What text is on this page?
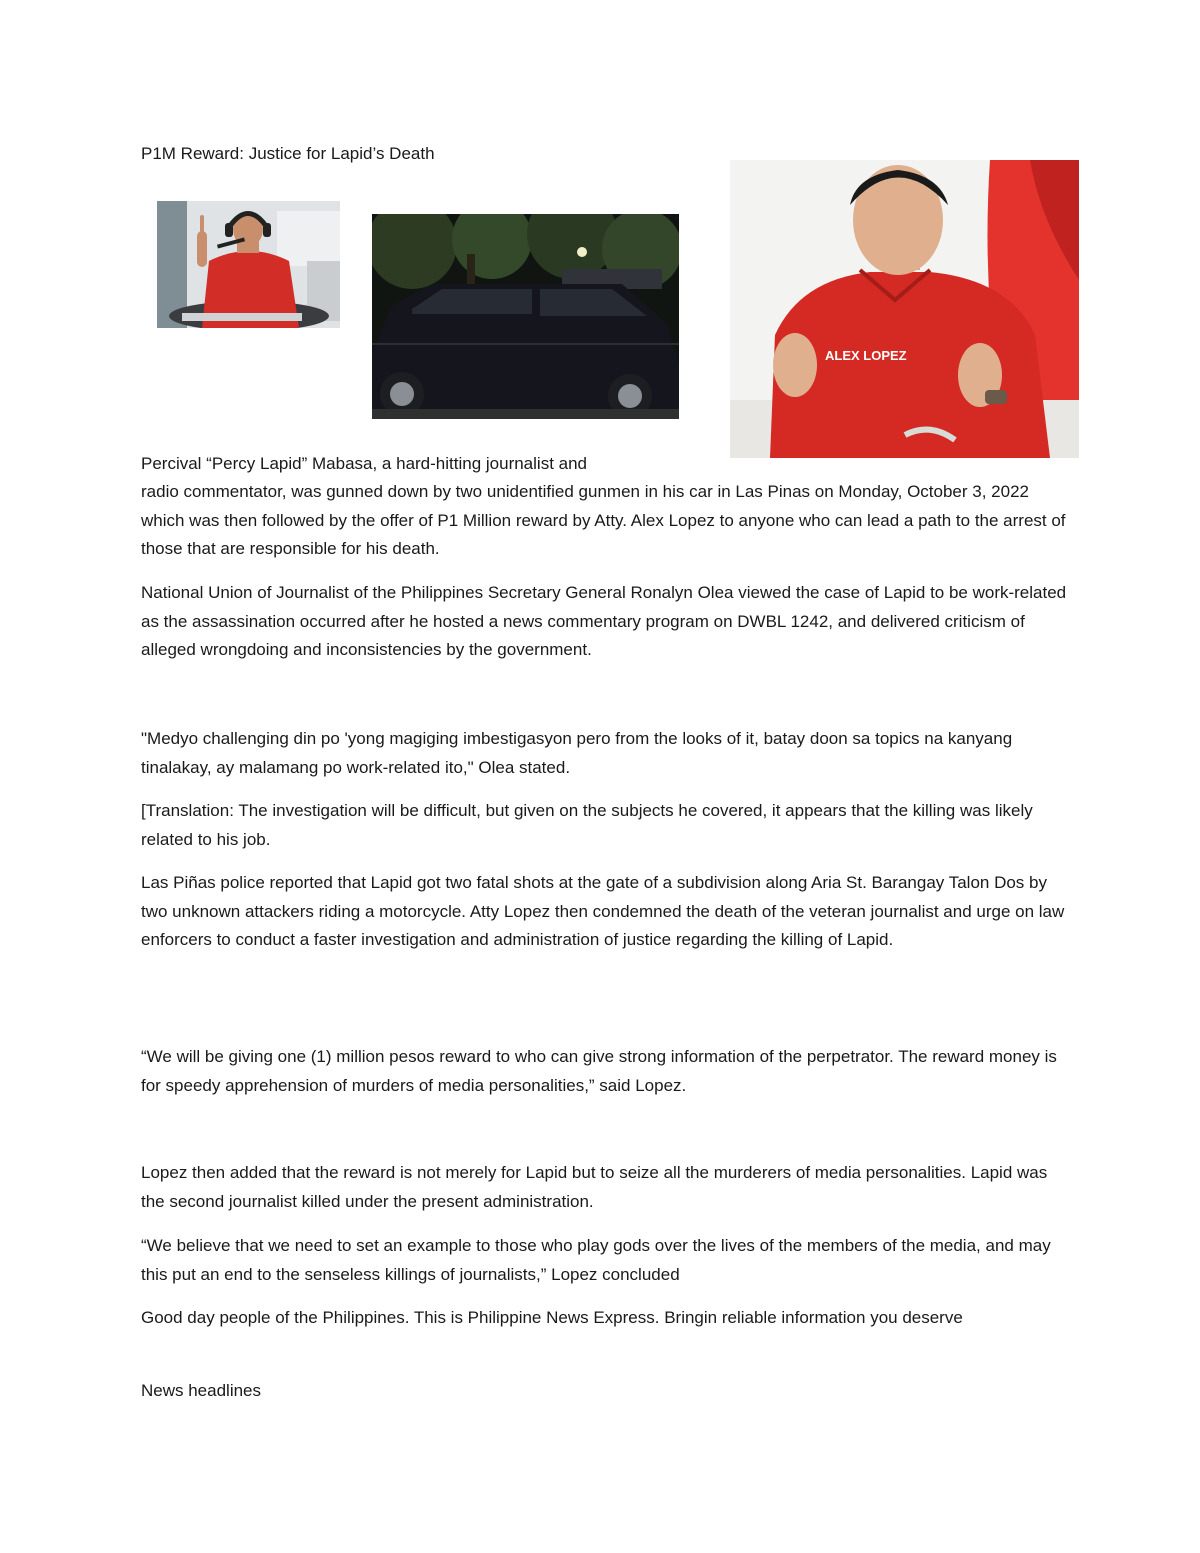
P1M Reward: Justice for Lapid’s Death
ALEX LOPEZ

Percival “Percy Lapid” Mabasa, a hard-hitting journalist and

radio commentator, was gunned down by two unidentified gunmen in his car in Las Pinas on Monday, October 3, 2022 which was then followed by the offer of P1 Million reward by Atty. Alex Lopez to anyone who can lead a path to the arrest of those that are responsible for his death.

National Union of Journalist of the Philippines Secretary General Ronalyn Olea viewed the case of Lapid to be work-related as the assassination occurred after he hosted a news commentary program on DWBL 1242, and delivered criticism of alleged wrongdoing and inconsistencies by the government.

"Medyo challenging din po 'yong magiging imbestigasyon pero from the looks of it, batay doon sa topics na kanyang tinalakay, ay malamang po work-related ito," Olea stated.

[Translation: The investigation will be difficult, but given on the subjects he covered, it appears that the killing was likely related to his job.

Las Piñas police reported that Lapid got two fatal shots at the gate of a subdivision along Aria St. Barangay Talon Dos by two unknown attackers riding a motorcycle. Atty Lopez then condemned the death of the veteran journalist and urge on law enforcers to conduct a faster investigation and administration of justice regarding the killing of Lapid.

“We will be giving one (1) million pesos reward to who can give strong information of the perpetrator. The reward money is for speedy apprehension of murders of media personalities,” said Lopez.

Lopez then added that the reward is not merely for Lapid but to seize all the murderers of media personalities. Lapid was the second journalist killed under the present administration.

“We believe that we need to set an example to those who play gods over the lives of the members of the media, and may this put an end to the senseless killings of journalists,” Lopez concluded

Good day people of the Philippines. This is Philippine News Express. Bringin reliable information you deserve

News headlines
